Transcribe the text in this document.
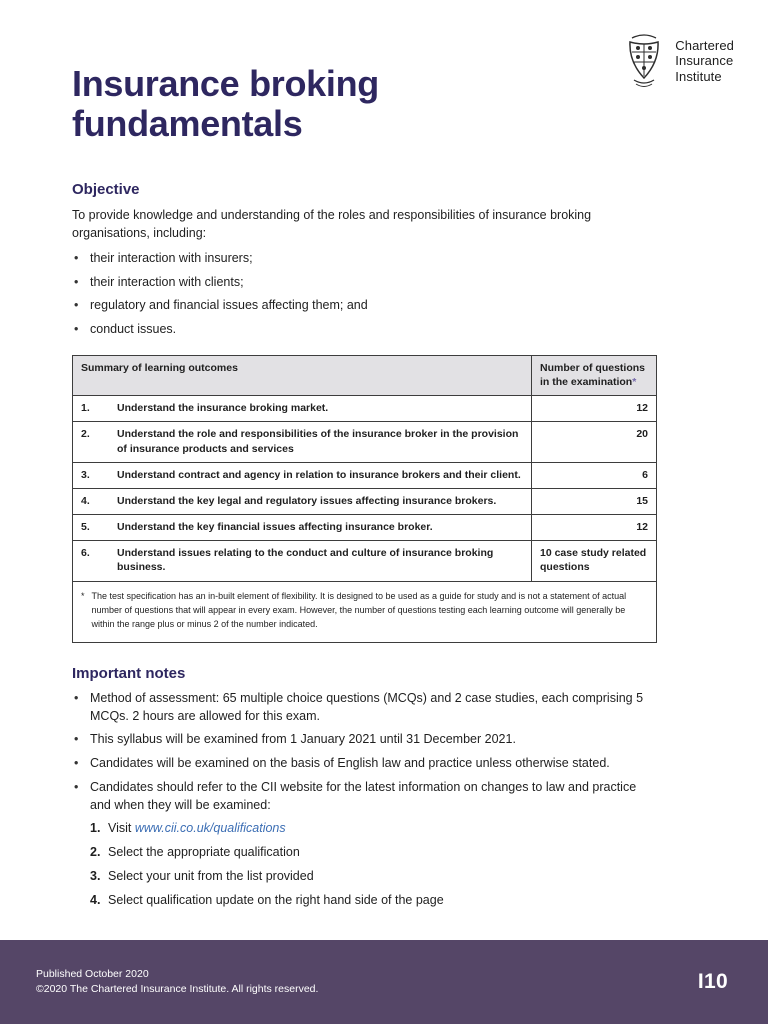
Chartered
Insurance
Institute
Insurance broking fundamentals
Objective

To provide knowledge and understanding of the roles and responsibilities of insurance broking organisations, including:

• their interaction with insurers;
• their interaction with clients;
• regulatory and financial issues affecting them; and
• conduct issues.
Summary of learning outcomes		Number of questions in the examination*
1.	Understand the insurance broking market.	12
2.	Understand the role and responsibilities of the insurance broker in the provision of insurance products and services	20
3.	Understand contract and agency in relation to insurance brokers and their client.	6
4.	Understand the key legal and regulatory issues affecting insurance brokers.	15
5.	Understand the key financial issues affecting insurance broker.	12
6.	Understand issues relating to the conduct and culture of insurance broking business.	10 case study related questions
* The test specification has an in-built element of flexibility. It is designed to be used as a guide for study and is not a statement of actual number of questions that will appear in every exam. However, the number of questions testing each learning outcome will generally be within the range plus or minus 2 of the number indicated.
Important notes
• Method of assessment: 65 multiple choice questions (MCQs) and 2 case studies, each comprising 5 MCQs. 2 hours are allowed for this exam.
• This syllabus will be examined from 1 January 2021 until 31 December 2021.
• Candidates will be examined on the basis of English law and practice unless otherwise stated.
• Candidates should refer to the CII website for the latest information on changes to law and practice and when they will be examined:
1. Visit www.cii.co.uk/qualifications
2. Select the appropriate qualification
3. Select your unit from the list provided
4. Select qualification update on the right hand side of the page
Published October 2020
©2020 The Chartered Insurance Institute. All rights reserved.	I10
